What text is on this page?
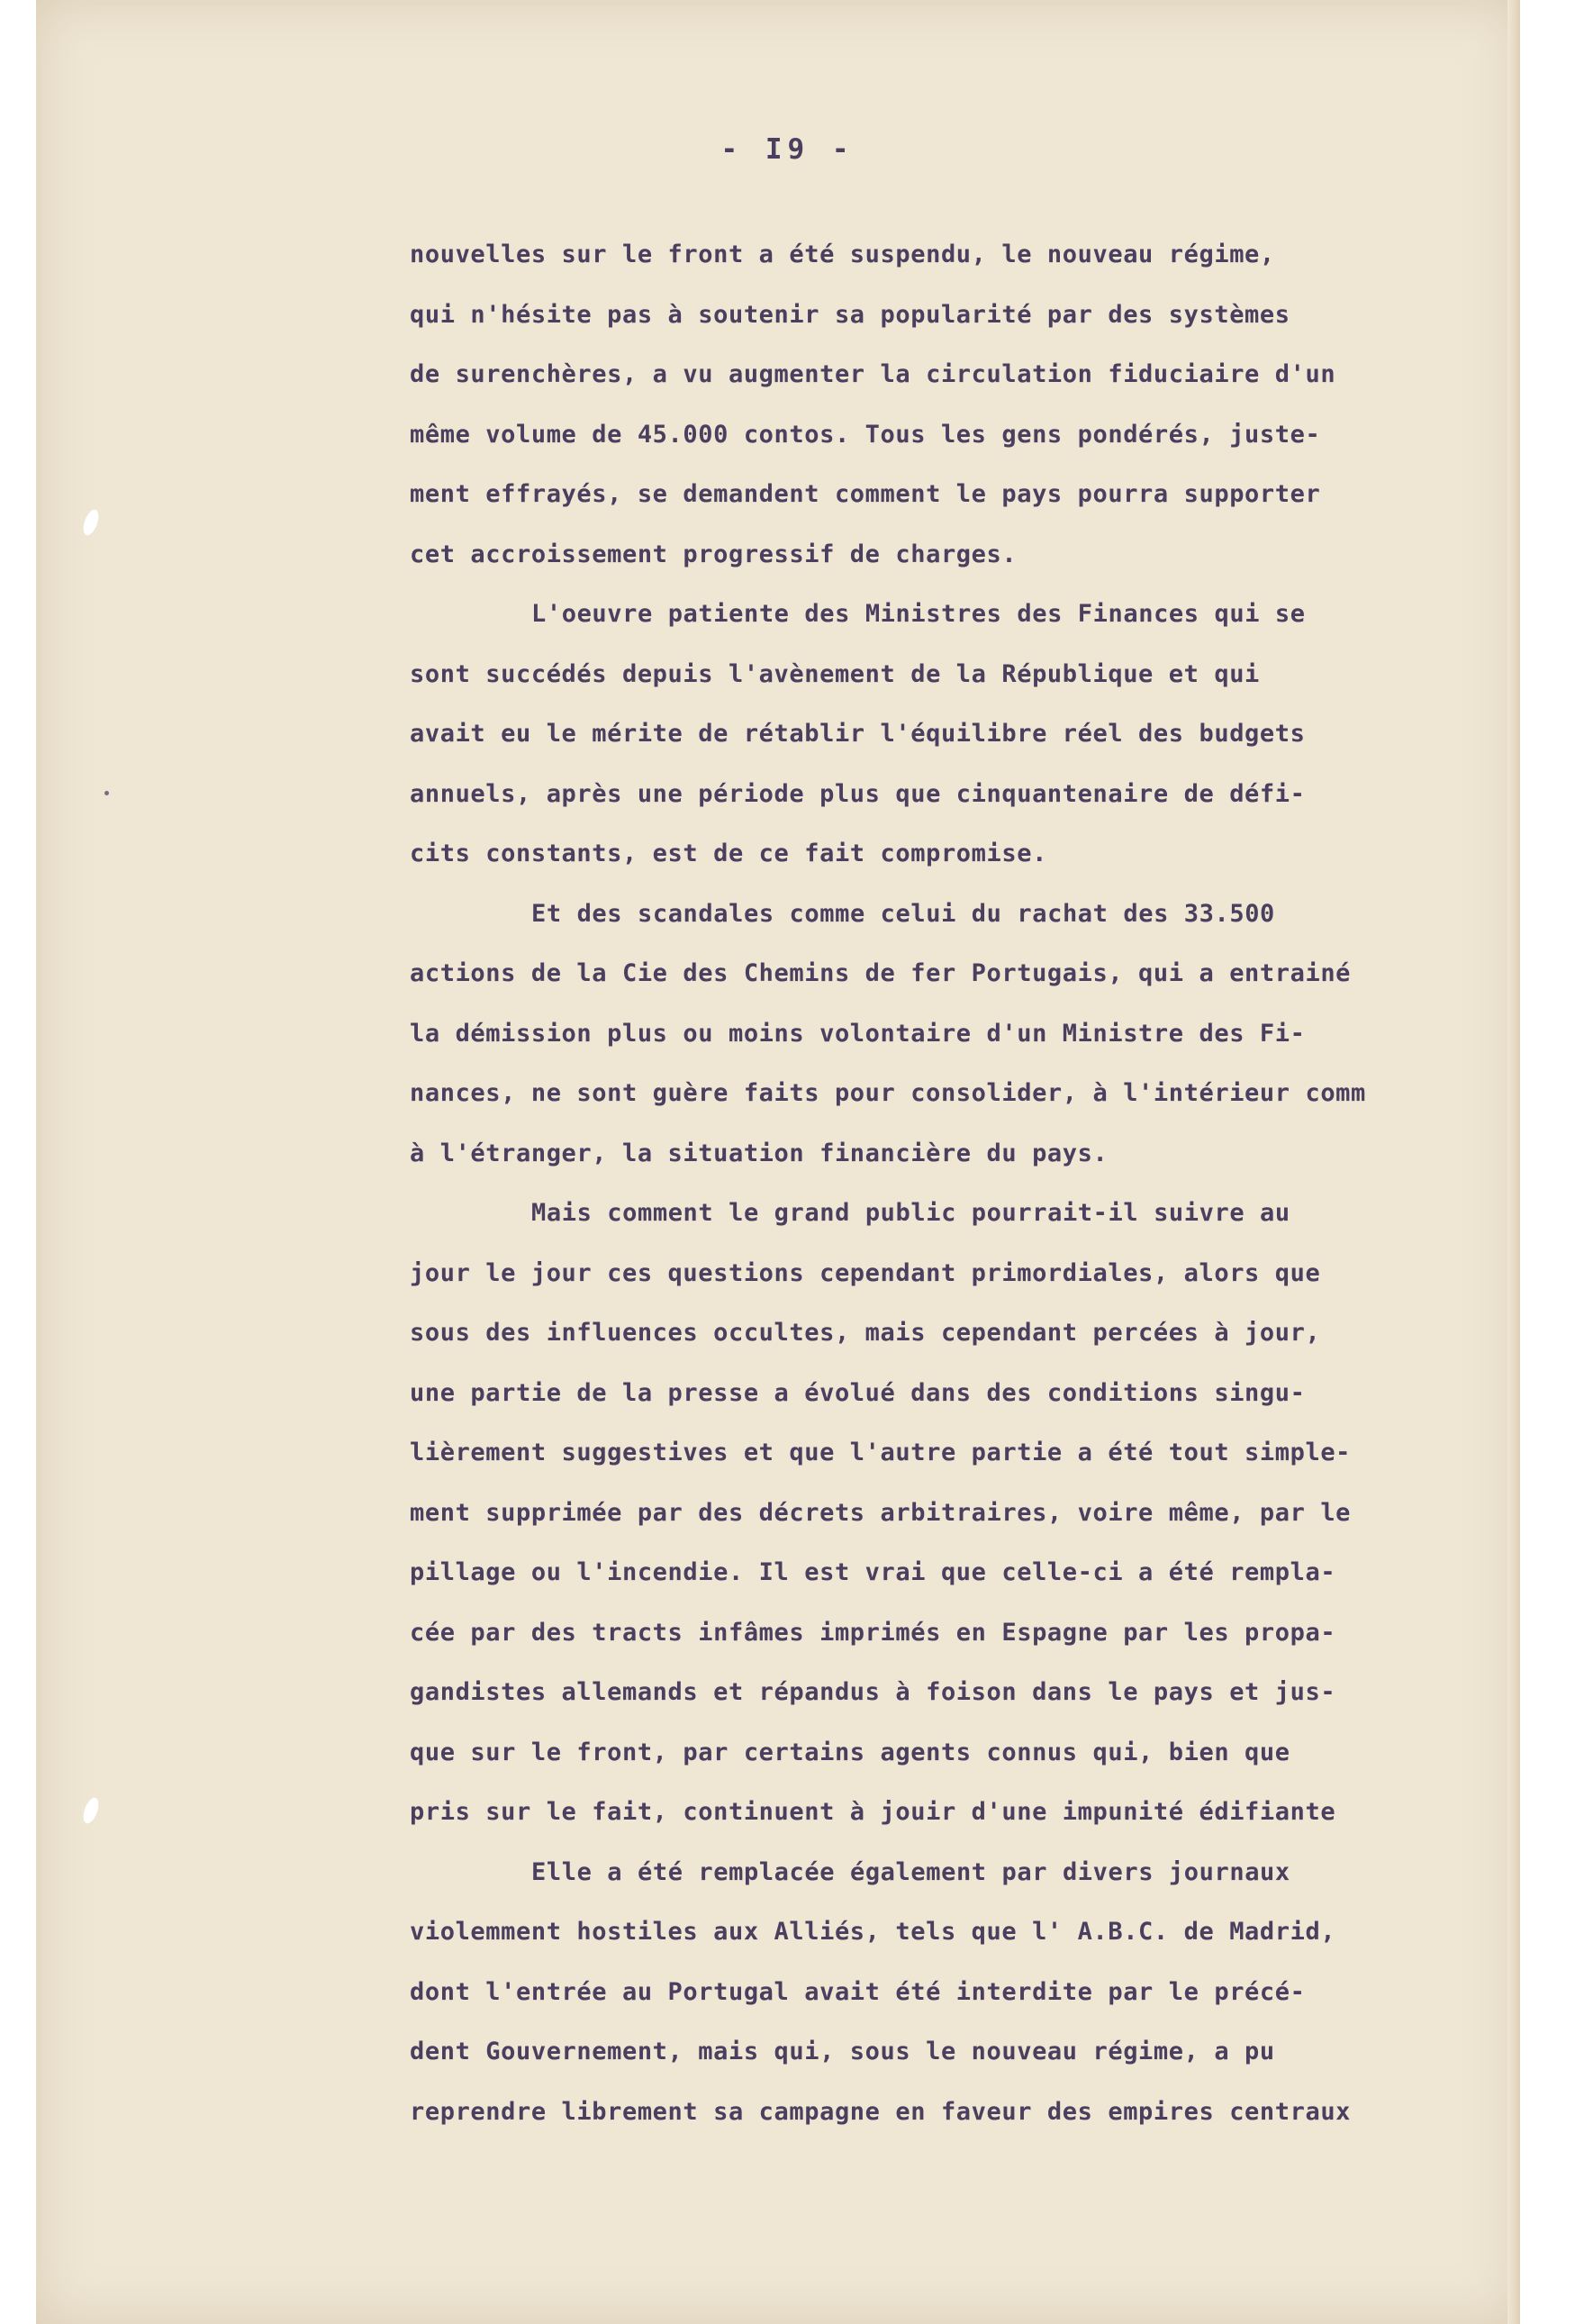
- I9 -
nouvelles sur le front a été suspendu, le nouveau régime,
qui n'hésite pas à soutenir sa popularité par des systèmes
de surenchères, a vu augmenter la circulation fiduciaire d'un
même volume de 45.000 contos. Tous les gens pondérés, juste-
ment effrayés, se demandent comment le pays pourra supporter
cet accroissement progressif de charges.
L'oeuvre patiente des Ministres des Finances qui se
sont succédés depuis l'avènement de la République et qui
avait eu le mérite de rétablir l'équilibre réel des budgets
annuels, après une période plus que cinquantenaire de défi-
cits constants, est de ce fait compromise.
Et des scandales comme celui du rachat des 33.500
actions de la Cie des Chemins de fer Portugais, qui a entrainé
la démission plus ou moins volontaire d'un Ministre des Fi-
nances, ne sont guère faits pour consolider, à l'intérieur comm
à l'étranger, la situation financière du pays.
Mais comment le grand public pourrait-il suivre au
jour le jour ces questions cependant primordiales, alors que
sous des influences occultes, mais cependant percées à jour,
une partie de la presse a évolué dans des conditions singu-
lièrement suggestives et que l'autre partie a été tout simple-
ment supprimée par des décrets arbitraires, voire même, par le
pillage ou l'incendie. Il est vrai que celle-ci a été rempla-
cée par des tracts infâmes imprimés en Espagne par les propa-
gandistes allemands et répandus à foison dans le pays et jus-
que sur le front, par certains agents connus qui, bien que
pris sur le fait, continuent à jouir d'une impunité édifiante
Elle a été remplacée également par divers journaux
violemment hostiles aux Alliés, tels que l' A.B.C. de Madrid,
dont l'entrée au Portugal avait été interdite par le précé-
dent Gouvernement, mais qui, sous le nouveau régime, a pu
reprendre librement sa campagne en faveur des empires centraux
